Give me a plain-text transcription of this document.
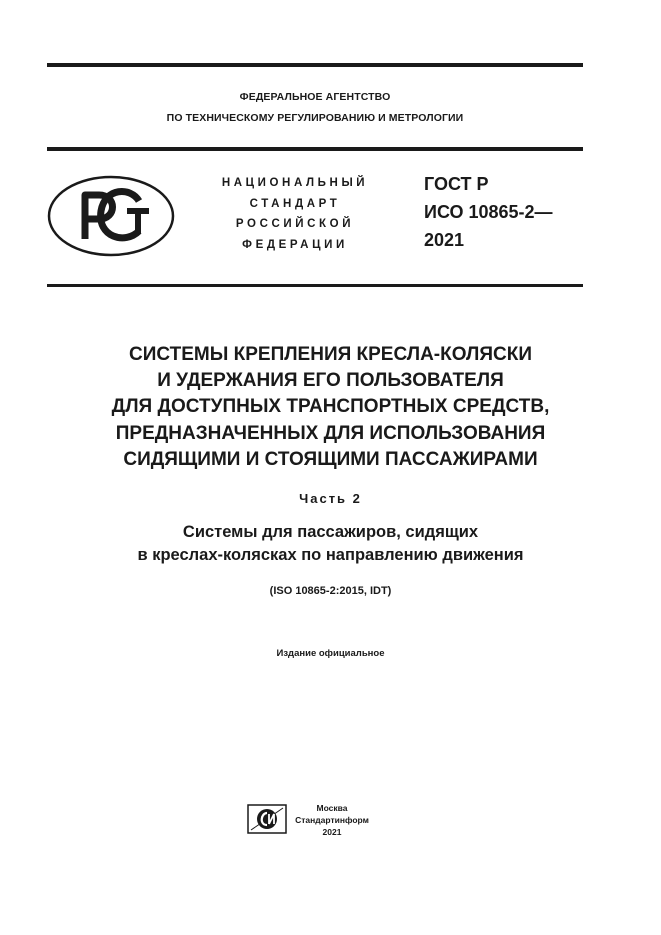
ФЕДЕРАЛЬНОЕ АГЕНТСТВО
ПО ТЕХНИЧЕСКОМУ РЕГУЛИРОВАНИЮ И МЕТРОЛОГИИ
НАЦИОНАЛЬНЫЙ
СТАНДАРТ
РОССИЙСКОЙ
ФЕДЕРАЦИИ
ГОСТ Р
ИСО 10865-2—
2021
СИСТЕМЫ КРЕПЛЕНИЯ КРЕСЛА-КОЛЯСКИ
И УДЕРЖАНИЯ ЕГО ПОЛЬЗОВАТЕЛЯ
ДЛЯ ДОСТУПНЫХ ТРАНСПОРТНЫХ СРЕДСТВ,
ПРЕДНАЗНАЧЕННЫХ ДЛЯ ИСПОЛЬЗОВАНИЯ
СИДЯЩИМИ И СТОЯЩИМИ ПАССАЖИРАМИ
Часть 2
Системы для пассажиров, сидящих
в креслах-колясках по направлению движения
(ISO 10865-2:2015, IDT)
Издание официальное
Москва
Стандартинформ
2021
